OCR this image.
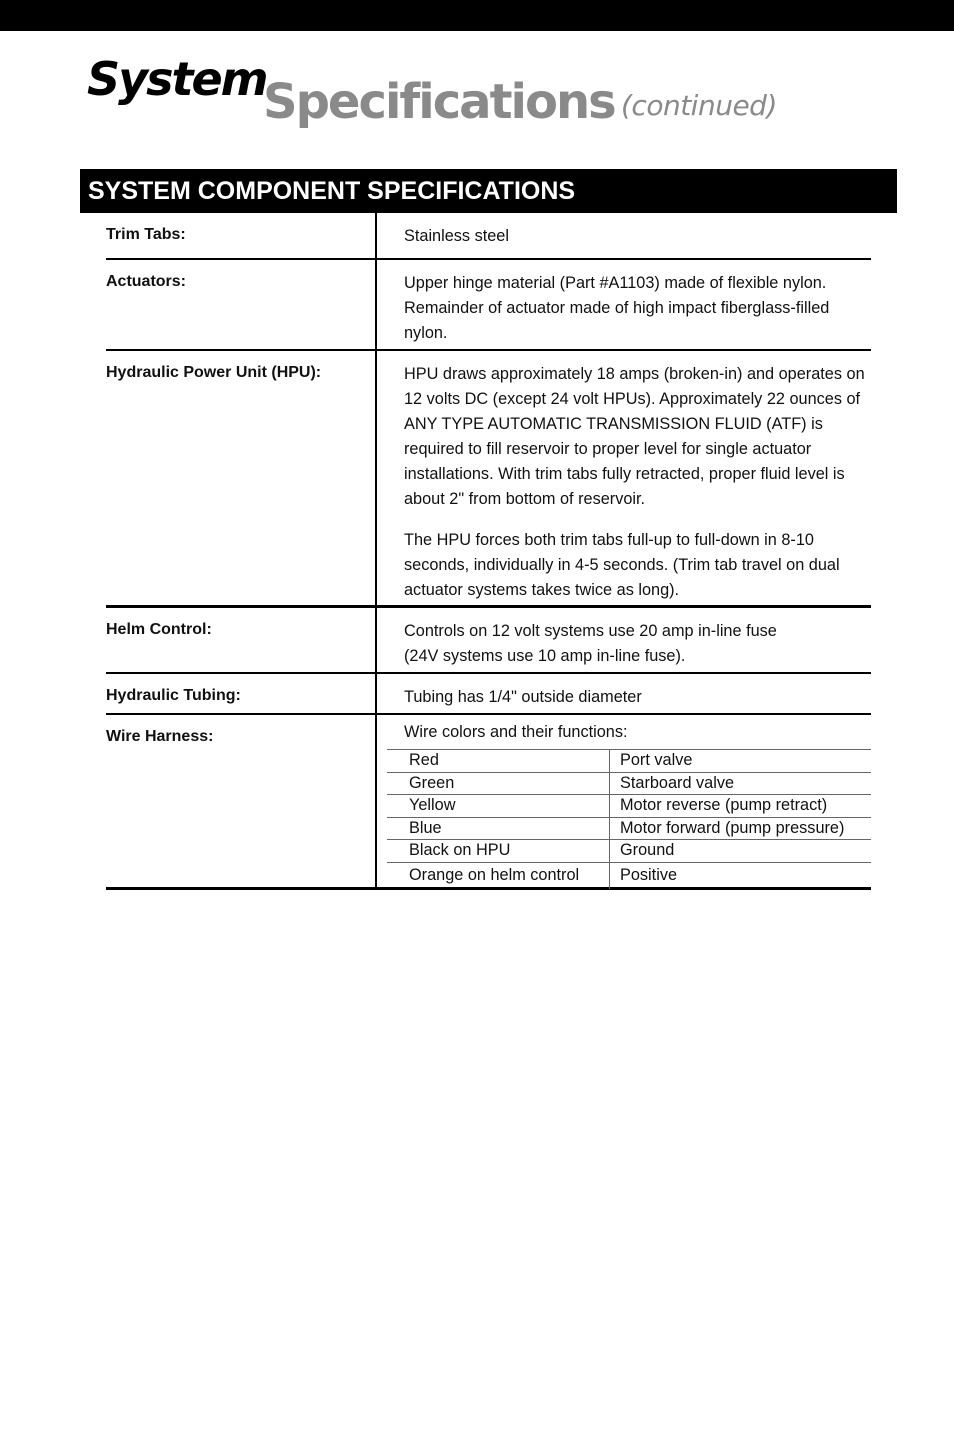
System
Specifications (continued)
SYSTEM COMPONENT SPECIFICATIONS
Trim Tabs:	Stainless steel
Actuators:	Upper hinge material (Part #A1103) made of flexible nylon. Remainder of actuator made of high impact fiberglass-filled nylon.

Hydraulic Power Unit (HPU):	HPU draws approximately 18 amps (broken-in) and operates on 12 volts DC (except 24 volt HPUs). Approximately 22 ounces of ANY TYPE AUTOMATIC TRANSMISSION FLUID (ATF) is required to fill reservoir to proper level for single actuator installations. With trim tabs fully retracted, proper fluid level is about 2" from bottom of reservoir.

The HPU forces both trim tabs full-up to full-down in 8-10 seconds, individually in 4-5 seconds. (Trim tab travel on dual actuator systems takes twice as long).

Helm Control:	Controls on 12 volt systems use 20 amp in-line fuse
(24V systems use 10 amp in-line fuse).
Hydraulic Tubing:	Tubing has 1/4" outside diameter
Wire Harness:	Wire colors and their functions:
Red	Port valve
Green	Starboard valve
Yellow	Motor reverse (pump retract)
Blue	Motor forward (pump pressure)
Black on HPU	Ground
Orange on helm control	Positive
